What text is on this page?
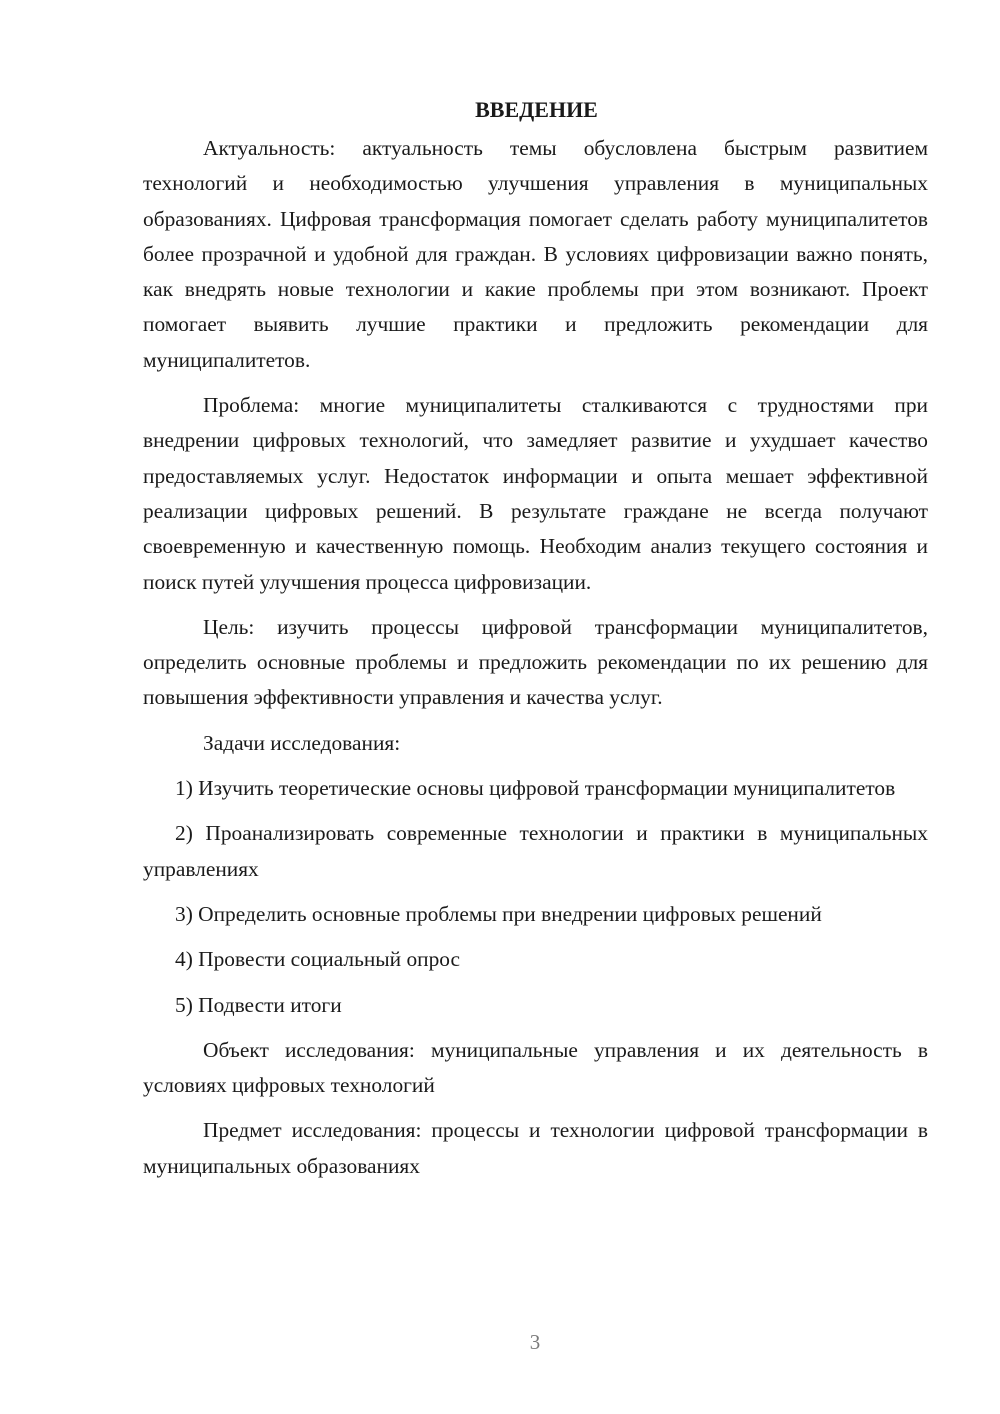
ВВЕДЕНИЕ

Актуальность: актуальность темы обусловлена быстрым развитием технологий и необходимостью улучшения управления в муниципальных образованиях. Цифровая трансформация помогает сделать работу муниципалитетов более прозрачной и удобной для граждан. В условиях цифровизации важно понять, как внедрять новые технологии и какие проблемы при этом возникают. Проект помогает выявить лучшие практики и предложить рекомендации для муниципалитетов.

Проблема: многие муниципалитеты сталкиваются с трудностями при внедрении цифровых технологий, что замедляет развитие и ухудшает качество предоставляемых услуг. Недостаток информации и опыта мешает эффективной реализации цифровых решений. В результате граждане не всегда получают своевременную и качественную помощь. Необходим анализ текущего состояния и поиск путей улучшения процесса цифровизации.

Цель: изучить процессы цифровой трансформации муниципалитетов, определить основные проблемы и предложить рекомендации по их решению для повышения эффективности управления и качества услуг.

Задачи исследования:

1) Изучить теоретические основы цифровой трансформации муниципалитетов

2) Проанализировать современные технологии и практики в муниципальных управлениях

3) Определить основные проблемы при внедрении цифровых решений

4) Провести социальный опрос

5) Подвести итоги

Объект исследования: муниципальные управления и их деятельность в условиях цифровых технологий

Предмет исследования: процессы и технологии цифровой трансформации в муниципальных образованиях

3
